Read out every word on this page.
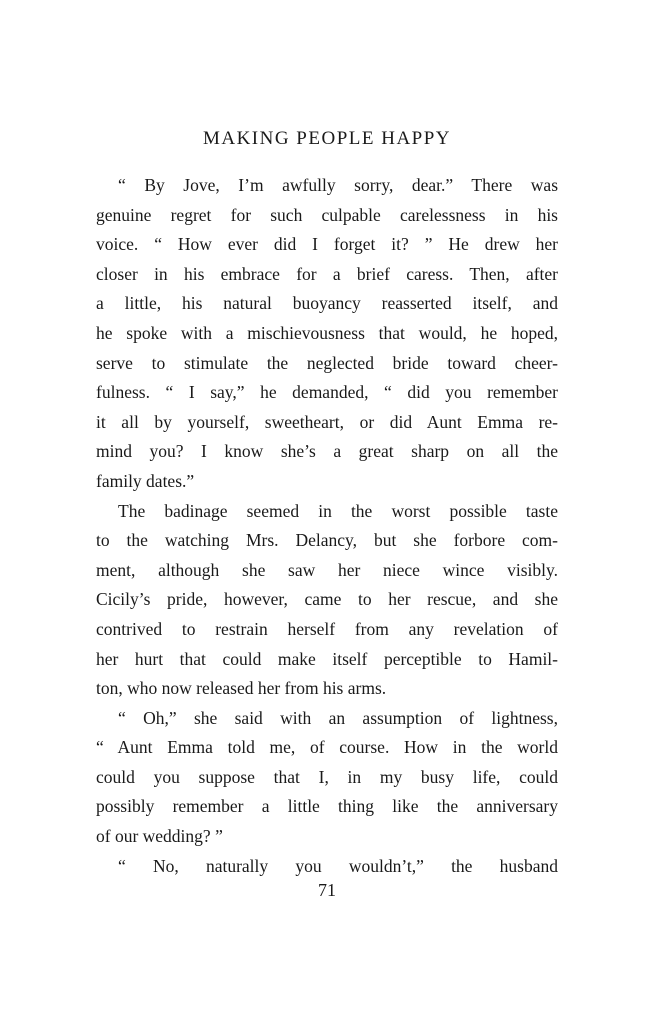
MAKING PEOPLE HAPPY
“ By Jove, I’m awfully sorry, dear.” There was
genuine regret for such culpable carelessness in his
voice. “ How ever did I forget it? ” He drew her
closer in his embrace for a brief caress. Then, after
a little, his natural buoyancy reasserted itself, and
he spoke with a mischievousness that would, he hoped,
serve to stimulate the neglected bride toward cheer-
fulness. “ I say,” he demanded, “ did you remember
it all by yourself, sweetheart, or did Aunt Emma re-
mind you? I know she’s a great sharp on all the
family dates.”
The badinage seemed in the worst possible taste
to the watching Mrs. Delancy, but she forbore com-
ment, although she saw her niece wince visibly.
Cicily’s pride, however, came to her rescue, and she
contrived to restrain herself from any revelation of
her hurt that could make itself perceptible to Hamil-
ton, who now released her from his arms.
“ Oh,” she said with an assumption of lightness,
“ Aunt Emma told me, of course. How in the world
could you suppose that I, in my busy life, could
possibly remember a little thing like the anniversary
of our wedding? ”
“ No, naturally you wouldn’t,” the husband
71
